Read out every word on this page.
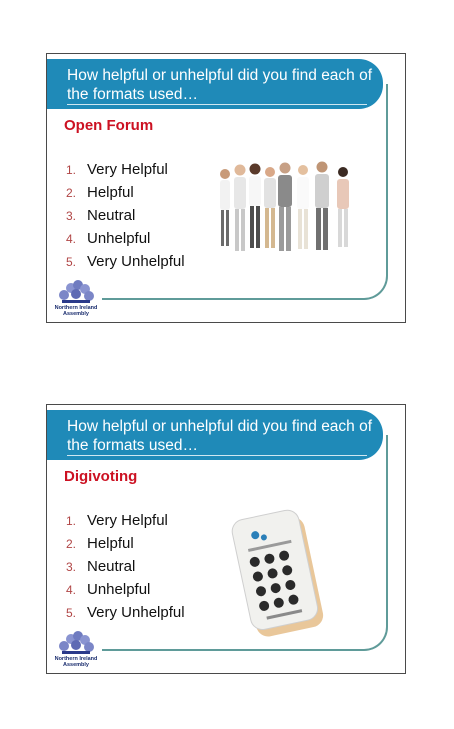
How helpful or unhelpful did you find each of the formats used…
Open Forum
1. Very Helpful
2. Helpful
3. Neutral
4. Unhelpful
5. Very Unhelpful
Northern Ireland Assembly
How helpful or unhelpful did you find each of the formats used…
Digivoting
1. Very Helpful
2. Helpful
3. Neutral
4. Unhelpful
5. Very Unhelpful
Northern Ireland Assembly
